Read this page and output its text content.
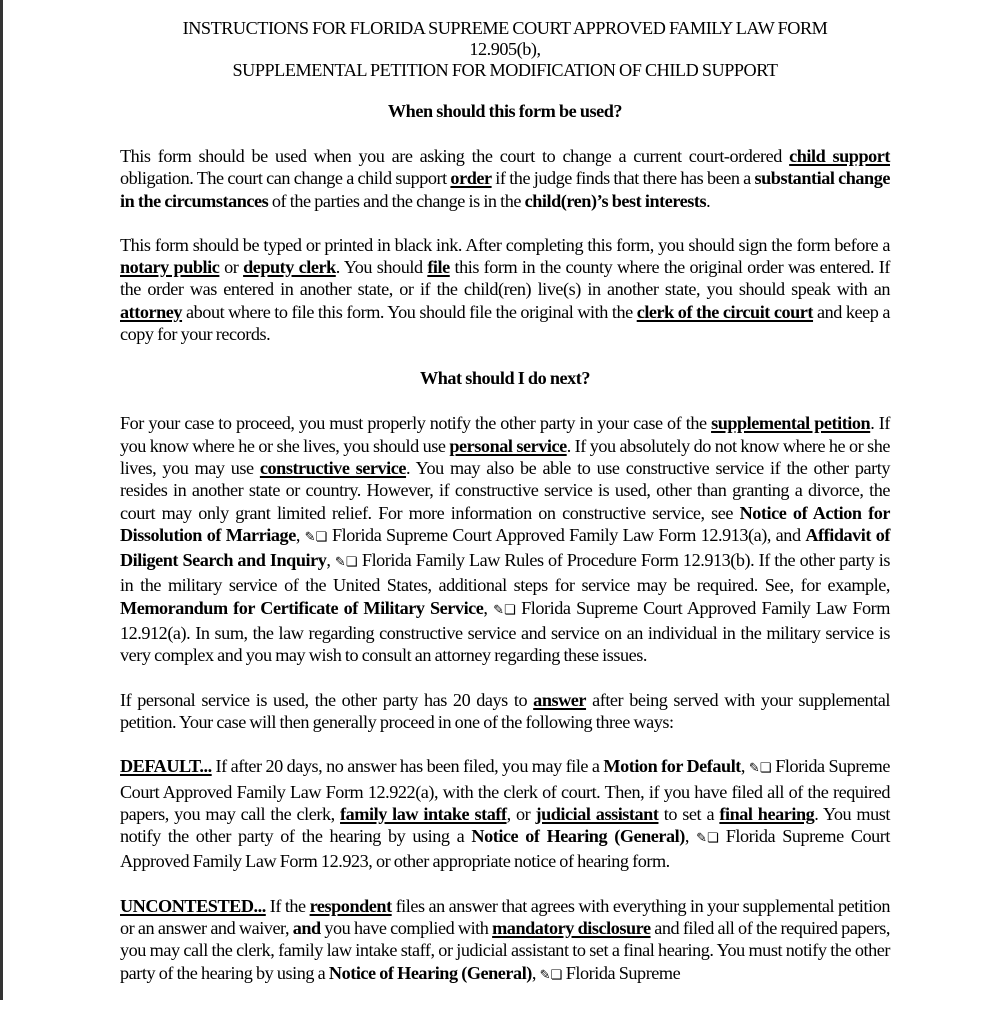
INSTRUCTIONS FOR FLORIDA SUPREME COURT APPROVED FAMILY LAW FORM
12.905(b),
SUPPLEMENTAL PETITION FOR MODIFICATION OF CHILD SUPPORT
When should this form be used?

This form should be used when you are asking the court to change a current court-ordered child support obligation. The court can change a child support order if the judge finds that there has been a substantial change in the circumstances of the parties and the change is in the child(ren)’s best interests.

This form should be typed or printed in black ink. After completing this form, you should sign the form before a notary public or deputy clerk. You should file this form in the county where the original order was entered. If the order was entered in another state, or if the child(ren) live(s) in another state, you should speak with an attorney about where to file this form. You should file the original with the clerk of the circuit court and keep a copy for your records.

What should I do next?

For your case to proceed, you must properly notify the other party in your case of the supplemental petition. If you know where he or she lives, you should use personal service. If you absolutely do not know where he or she lives, you may use constructive service. You may also be able to use constructive service if the other party resides in another state or country. However, if constructive service is used, other than granting a divorce, the court may only grant limited relief. For more information on constructive service, see Notice of Action for Dissolution of Marriage, ✎❏ Florida Supreme Court Approved Family Law Form 12.913(a), and Affidavit of Diligent Search and Inquiry, ✎❏ Florida Family Law Rules of Procedure Form 12.913(b). If the other party is in the military service of the United States, additional steps for service may be required. See, for example, Memorandum for Certificate of Military Service, ✎❏ Florida Supreme Court Approved Family Law Form 12.912(a). In sum, the law regarding constructive service and service on an individual in the military service is very complex and you may wish to consult an attorney regarding these issues.

If personal service is used, the other party has 20 days to answer after being served with your supplemental petition. Your case will then generally proceed in one of the following three ways:

DEFAULT... If after 20 days, no answer has been filed, you may file a Motion for Default, ✎❏ Florida Supreme Court Approved Family Law Form 12.922(a), with the clerk of court. Then, if you have filed all of the required papers, you may call the clerk, family law intake staff, or judicial assistant to set a final hearing. You must notify the other party of the hearing by using a Notice of Hearing (General), ✎❏ Florida Supreme Court Approved Family Law Form 12.923, or other appropriate notice of hearing form.

UNCONTESTED... If the respondent files an answer that agrees with everything in your supplemental petition or an answer and waiver, and you have complied with mandatory disclosure and filed all of the required papers, you may call the clerk, family law intake staff, or judicial assistant to set a final hearing. You must notify the other party of the hearing by using a Notice of Hearing (General), ✎❏ Florida Supreme
